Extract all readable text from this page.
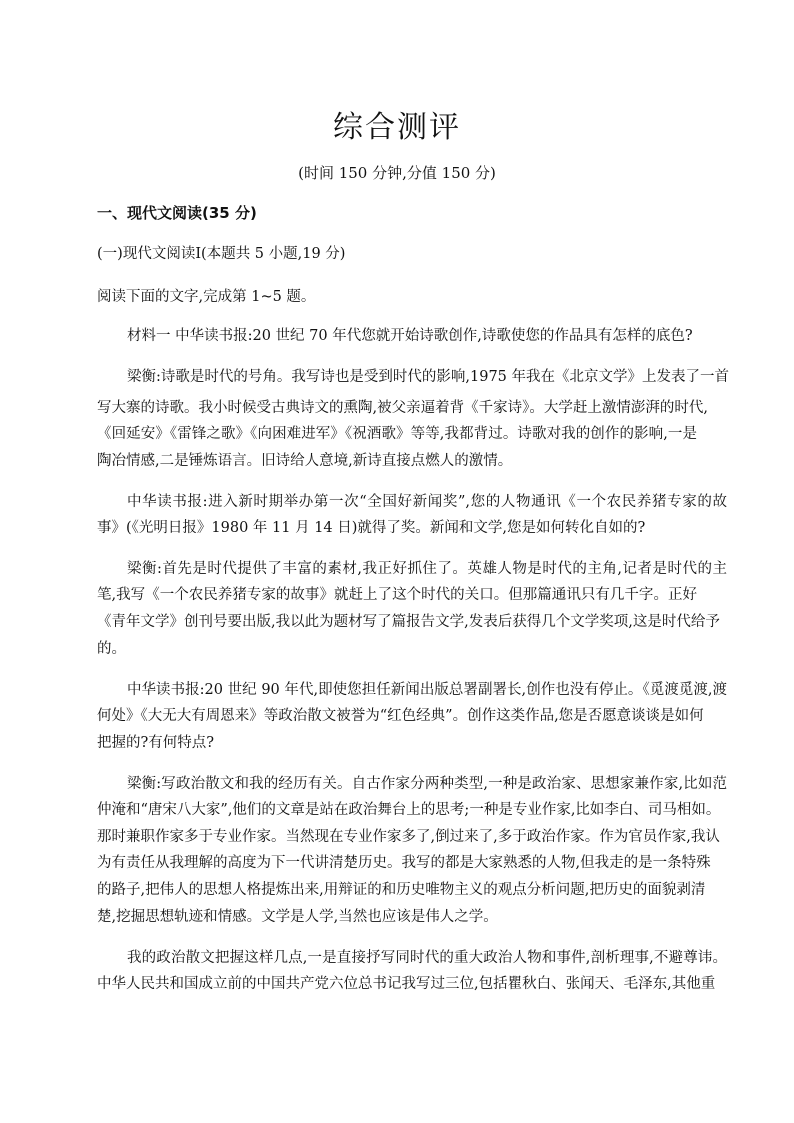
综合测评
(时间 150 分钟,分值 150 分)
一、现代文阅读(35 分)
(一)现代文阅读Ⅰ(本题共 5 小题,19 分)
阅读下面的文字,完成第 1~5 题。
材料一 中华读书报:20 世纪 70 年代您就开始诗歌创作,诗歌使您的作品具有怎样的底色?
梁衡:诗歌是时代的号角。我写诗也是受到时代的影响,1975 年我在《北京文学》上发表了一首
写大寨的诗歌。我小时候受古典诗文的熏陶,被父亲逼着背《千家诗》。大学赶上激情澎湃的时代,
《回延安》《雷锋之歌》《向困难进军》《祝酒歌》等等,我都背过。诗歌对我的创作的影响,一是
陶冶情感,二是锤炼语言。旧诗给人意境,新诗直接点燃人的激情。
中华读书报:进入新时期举办第一次“全国好新闻奖”,您的人物通讯《一个农民养猪专家的故
事》(《光明日报》1980 年 11 月 14 日)就得了奖。新闻和文学,您是如何转化自如的?
梁衡:首先是时代提供了丰富的素材,我正好抓住了。英雄人物是时代的主角,记者是时代的主
笔,我写《一个农民养猪专家的故事》就赶上了这个时代的关口。但那篇通讯只有几千字。正好
《青年文学》创刊号要出版,我以此为题材写了篇报告文学,发表后获得几个文学奖项,这是时代给予
的。
中华读书报:20 世纪 90 年代,即使您担任新闻出版总署副署长,创作也没有停止。《觅渡觅渡,渡
何处》《大无大有周恩来》等政治散文被誉为“红色经典”。创作这类作品,您是否愿意谈谈是如何
把握的?有何特点?
梁衡:写政治散文和我的经历有关。自古作家分两种类型,一种是政治家、思想家兼作家,比如范
仲淹和“唐宋八大家”,他们的文章是站在政治舞台上的思考;一种是专业作家,比如李白、司马相如。
那时兼职作家多于专业作家。当然现在专业作家多了,倒过来了,多于政治作家。作为官员作家,我认
为有责任从我理解的高度为下一代讲清楚历史。我写的都是大家熟悉的人物,但我走的是一条特殊
的路子,把伟人的思想人格提炼出来,用辩证的和历史唯物主义的观点分析问题,把历史的面貌剥清
楚,挖掘思想轨迹和情感。文学是人学,当然也应该是伟人之学。
我的政治散文把握这样几点,一是直接抒写同时代的重大政治人物和事件,剖析理事,不避尊讳。
中华人民共和国成立前的中国共产党六位总书记我写过三位,包括瞿秋白、张闻天、毛泽东,其他重
